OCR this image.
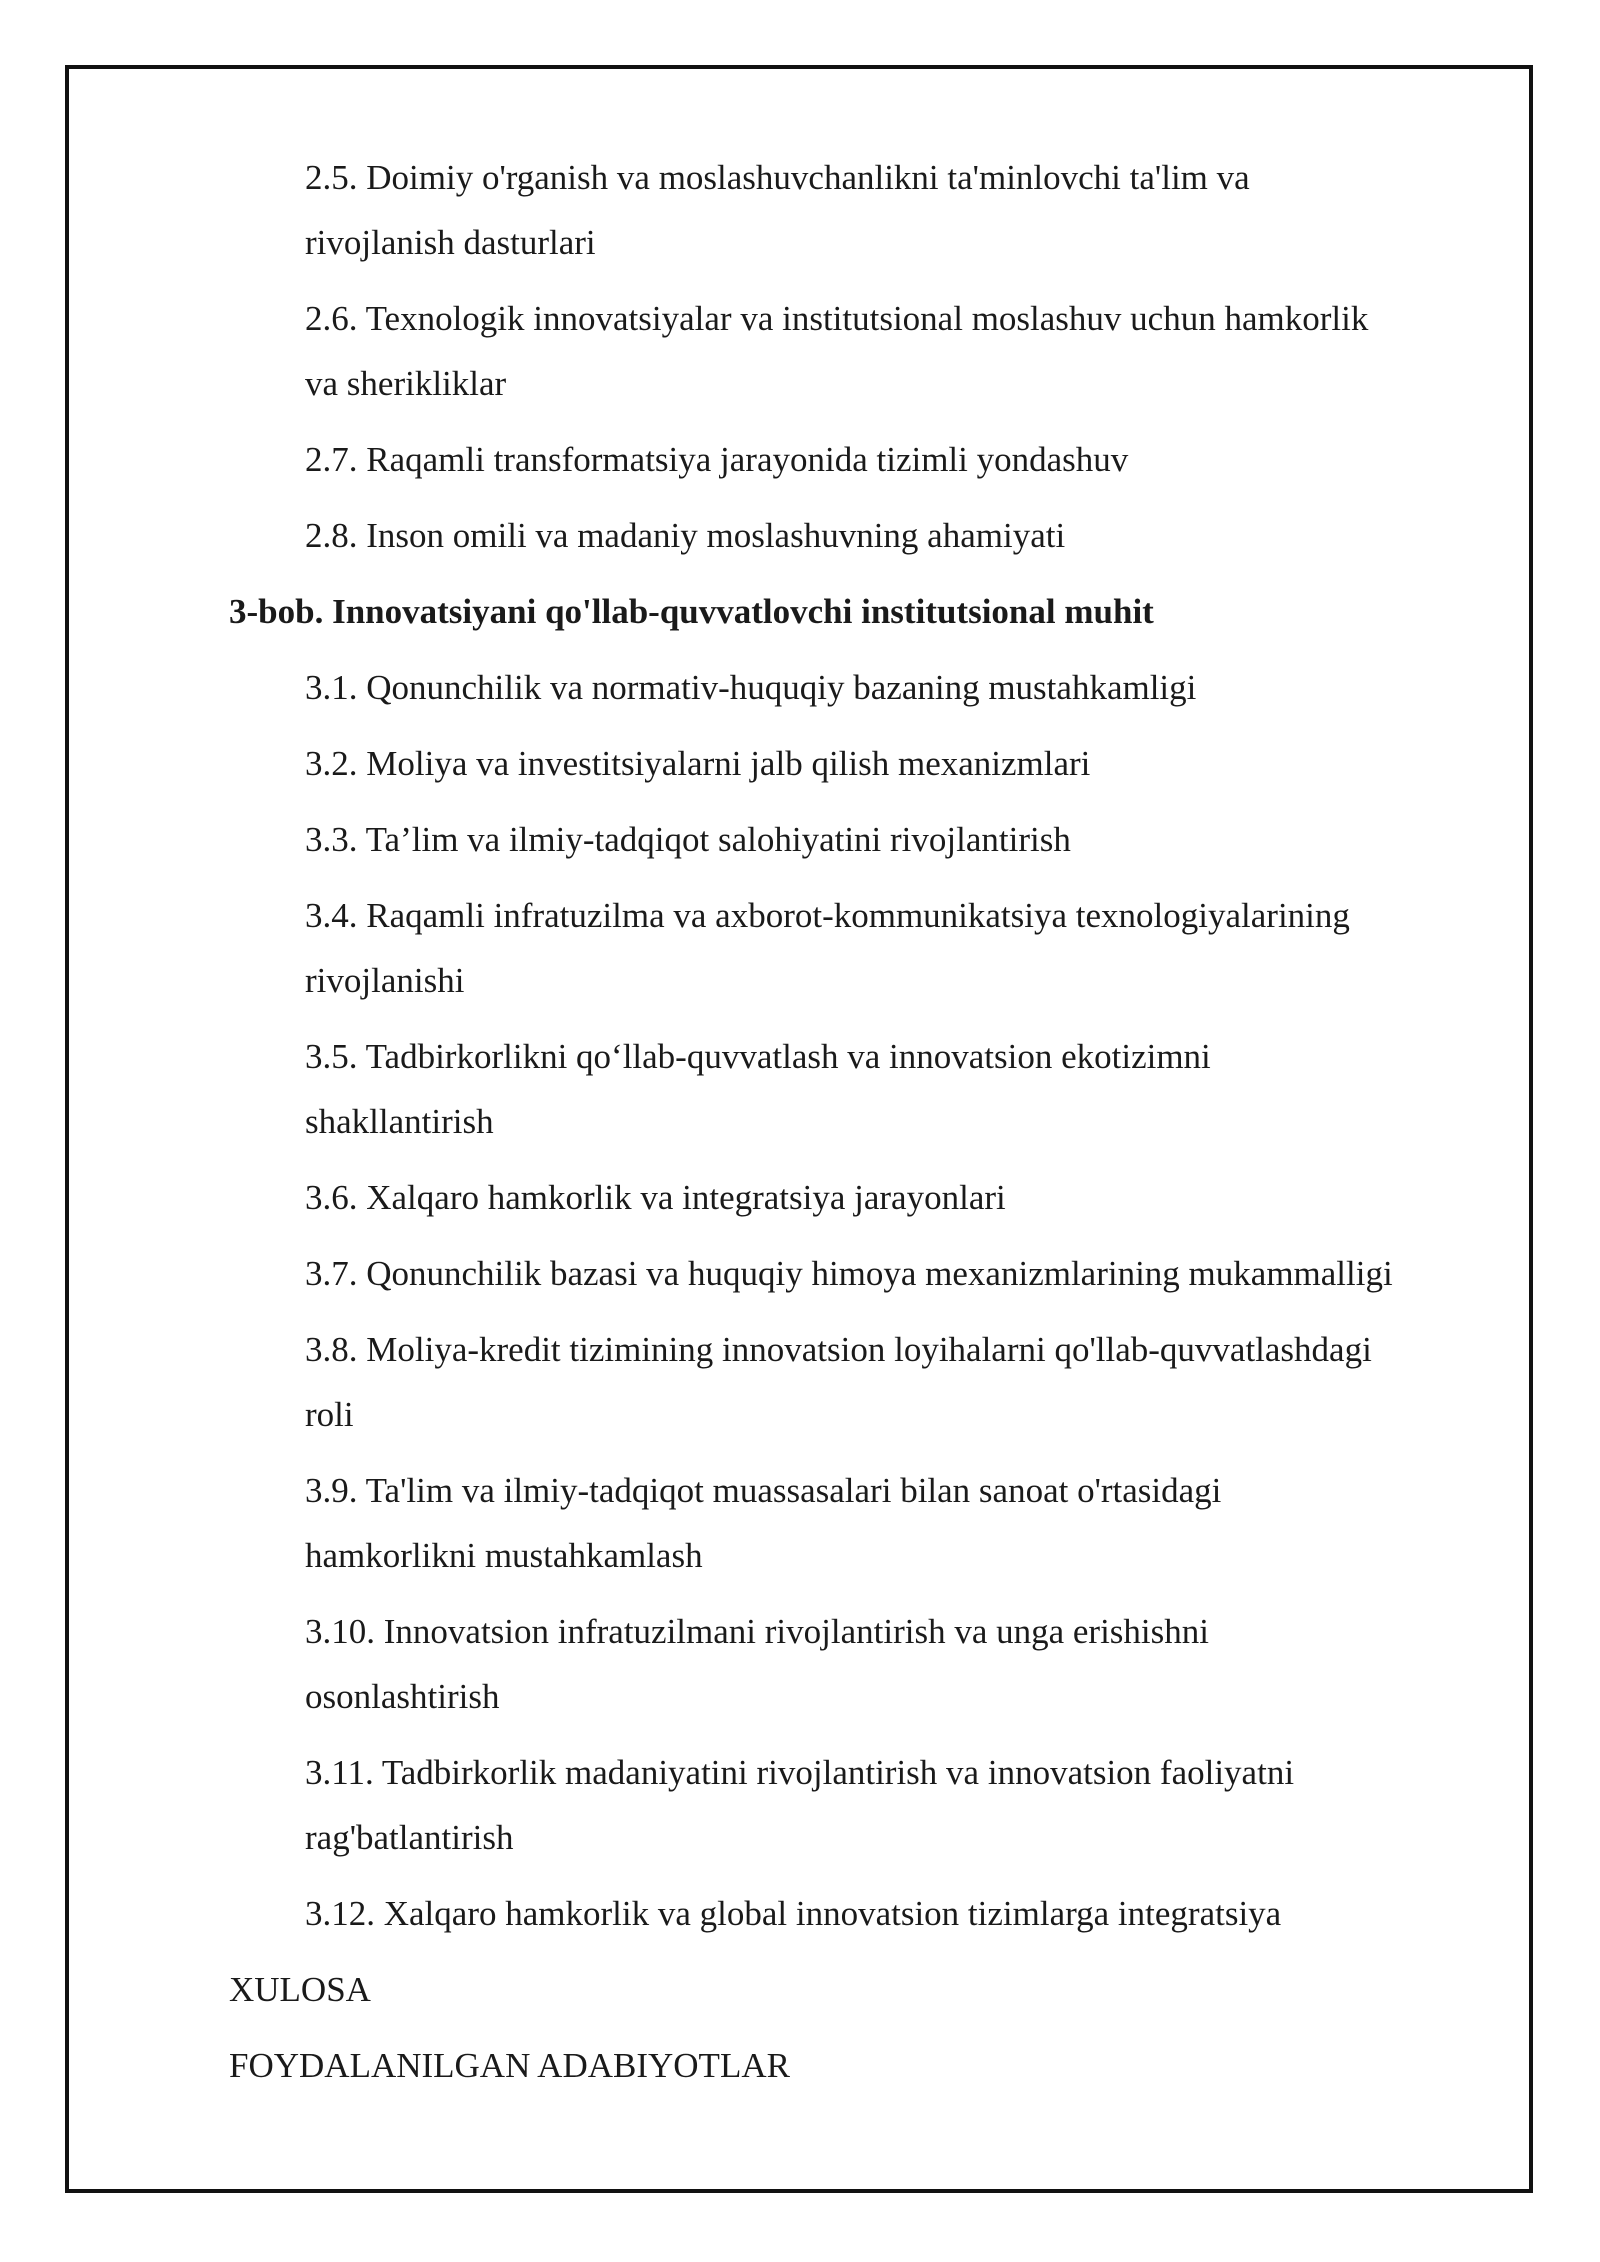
2.5. Doimiy o'rganish va moslashuvchanlikni ta'minlovchi ta'lim va
rivojlanish dasturlari
2.6. Texnologik innovatsiyalar va institutsional moslashuv uchun hamkorlik
va sherikliklar
2.7. Raqamli transformatsiya jarayonida tizimli yondashuv
2.8. Inson omili va madaniy moslashuvning ahamiyati
3-bob. Innovatsiyani qo'llab-quvvatlovchi institutsional muhit
3.1. Qonunchilik va normativ-huquqiy bazaning mustahkamligi
3.2. Moliya va investitsiyalarni jalb qilish mexanizmlari
3.3. Ta’lim va ilmiy-tadqiqot salohiyatini rivojlantirish
3.4. Raqamli infratuzilma va axborot-kommunikatsiya texnologiyalarining
rivojlanishi
3.5. Tadbirkorlikni qo‘llab-quvvatlash va innovatsion ekotizimni
shakllantirish
3.6. Xalqaro hamkorlik va integratsiya jarayonlari
3.7. Qonunchilik bazasi va huquqiy himoya mexanizmlarining mukammalligi
3.8. Moliya-kredit tizimining innovatsion loyihalarni qo'llab-quvvatlashdagi
roli
3.9. Ta'lim va ilmiy-tadqiqot muassasalari bilan sanoat o'rtasidagi
hamkorlikni mustahkamlash
3.10. Innovatsion infratuzilmani rivojlantirish va unga erishishni
osonlashtirish
3.11. Tadbirkorlik madaniyatini rivojlantirish va innovatsion faoliyatni
rag'batlantirish
3.12. Xalqaro hamkorlik va global innovatsion tizimlarga integratsiya
XULOSA
FOYDALANILGAN ADABIYOTLAR
